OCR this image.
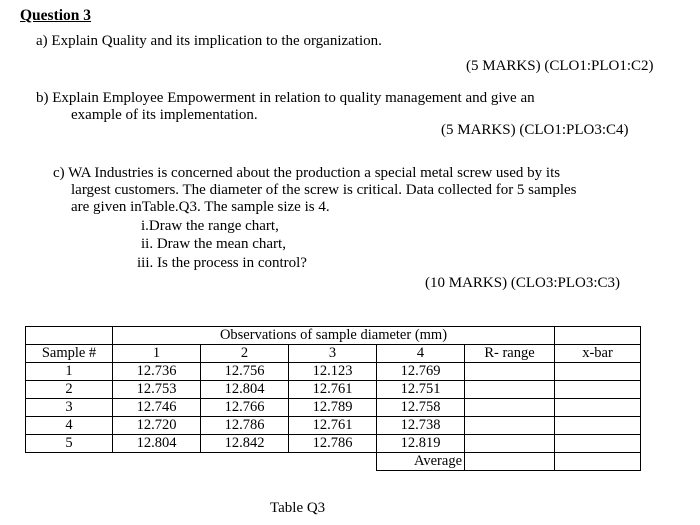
Question 3
a) Explain Quality and its implication to the organization.
(5 MARKS) (CLO1:PLO1:C2)
b) Explain Employee Empowerment in relation to quality management and give an
example of its implementation.
(5 MARKS) (CLO1:PLO3:C4)
c) WA Industries is concerned about the production a special metal screw used by its
largest customers. The diameter of the screw is critical. Data collected for 5 samples
are given inTable.Q3. The sample size is 4.
i.Draw the range chart,
ii. Draw the mean chart,
iii. Is the process in control?
(10 MARKS) (CLO3:PLO3:C3)
	Observations of sample diameter (mm)					
Sample #	1	2	3	4	R- range	x-bar
1	12.736	12.756	12.123	12.769		
2	12.753	12.804	12.761	12.751		
3	12.746	12.766	12.789	12.758		
4	12.720	12.786	12.761	12.738		
5	12.804	12.842	12.786	12.819		
				Average		
Table Q3
